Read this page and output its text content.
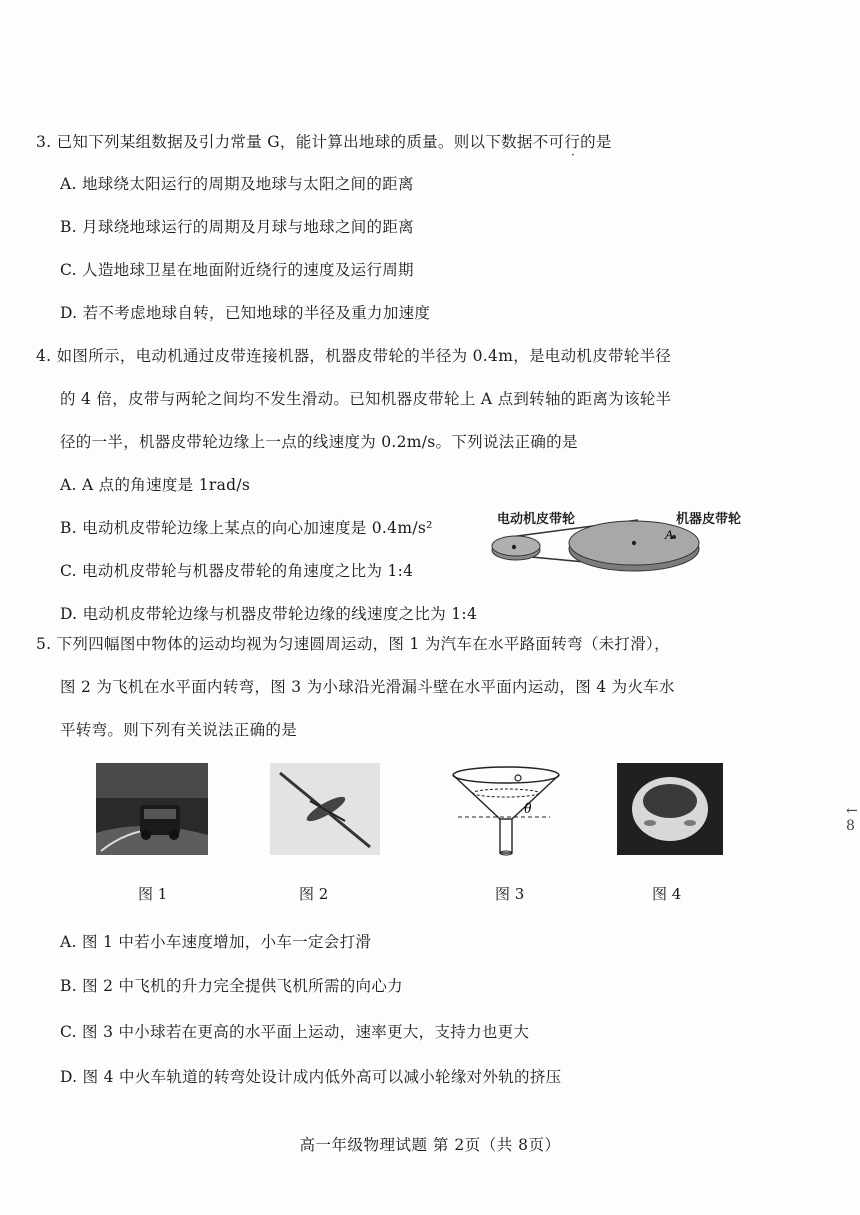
3. 已知下列某组数据及引力常量 G，能计算出地球的质量。则以下数据不可行的是
·
A. 地球绕太阳运行的周期及地球与太阳之间的距离
B. 月球绕地球运行的周期及月球与地球之间的距离
C. 人造地球卫星在地面附近绕行的速度及运行周期
D. 若不考虑地球自转，已知地球的半径及重力加速度
4. 如图所示，电动机通过皮带连接机器，机器皮带轮的半径为 0.4m，是电动机皮带轮半径
的 4 倍，皮带与两轮之间均不发生滑动。已知机器皮带轮上 A 点到转轴的距离为该轮半
径的一半，机器皮带轮边缘上一点的线速度为 0.2m/s。下列说法正确的是
A. A 点的角速度是 1rad/s
B. 电动机皮带轮边缘上某点的向心加速度是 0.4m/s²
C. 电动机皮带轮与机器皮带轮的角速度之比为 1:4
D. 电动机皮带轮边缘与机器皮带轮边缘的线速度之比为 1:4
A
电动机皮带轮	机器皮带轮
5. 下列四幅图中物体的运动均视为匀速圆周运动，图 1 为汽车在水平路面转弯（未打滑），
图 2 为飞机在水平面内转弯，图 3 为小球沿光滑漏斗壁在水平面内运动，图 4 为火车水
平转弯。则下列有关说法正确的是
θ
图 1	图 2	图 3	图 4
A. 图 1 中若小车速度增加，小车一定会打滑
B. 图 2 中飞机的升力完全提供飞机所需的向心力
C. 图 3 中小球若在更高的水平面上运动，速率更大，支持力也更大
D. 图 4 中火车轨道的转弯处设计成内低外高可以减小轮缘对外轨的挤压
←
8
高一年级物理试题 第 2页（共 8页）
